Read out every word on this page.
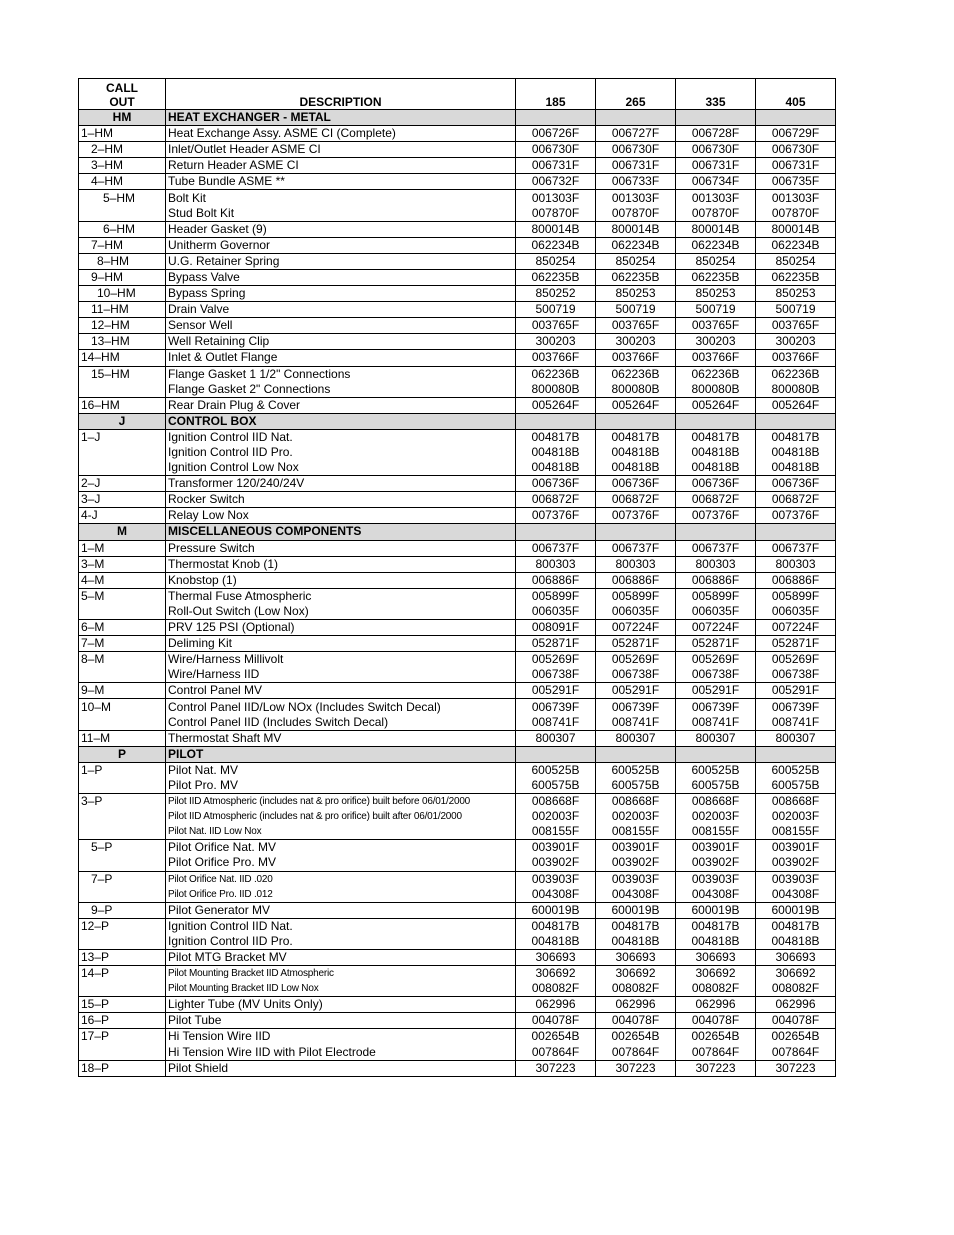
CALL
OUT	DESCRIPTION	185	265	335	405
HM	HEAT EXCHANGER - METAL				
1–HM	Heat Exchange Assy. ASME CI (Complete)	006726F	006727F	006728F	006729F
2–HM	Inlet/Outlet Header ASME CI	006730F	006730F	006730F	006730F
3–HM	Return Header ASME CI	006731F	006731F	006731F	006731F
4–HM	Tube Bundle ASME **	006732F	006733F	006734F	006735F
5–HM	Bolt Kit	001303F	001303F	001303F	001303F
	Stud Bolt Kit	007870F	007870F	007870F	007870F
6–HM	Header Gasket (9)	800014B	800014B	800014B	800014B
7–HM	Unitherm Governor	062234B	062234B	062234B	062234B
8–HM	U.G. Retainer Spring	850254	850254	850254	850254
9–HM	Bypass Valve	062235B	062235B	062235B	062235B
10–HM	Bypass Spring	850252	850253	850253	850253
11–HM	Drain Valve	500719	500719	500719	500719
12–HM	Sensor Well	003765F	003765F	003765F	003765F
13–HM	Well Retaining Clip	300203	300203	300203	300203
14–HM	Inlet & Outlet Flange	003766F	003766F	003766F	003766F
15–HM	Flange Gasket 1 1/2" Connections	062236B	062236B	062236B	062236B
	Flange Gasket 2" Connections	800080B	800080B	800080B	800080B
16–HM	Rear Drain Plug & Cover	005264F	005264F	005264F	005264F
J	CONTROL BOX				
1–J	Ignition Control IID Nat.	004817B	004817B	004817B	004817B
	Ignition Control IID Pro.	004818B	004818B	004818B	004818B
	Ignition Control Low Nox	004818B	004818B	004818B	004818B
2–J	Transformer 120/240/24V	006736F	006736F	006736F	006736F
3–J	Rocker Switch	006872F	006872F	006872F	006872F
4-J	Relay Low Nox	007376F	007376F	007376F	007376F
M	MISCELLANEOUS COMPONENTS				
1–M	Pressure Switch	006737F	006737F	006737F	006737F
3–M	Thermostat Knob (1)	800303	800303	800303	800303
4–M	Knobstop (1)	006886F	006886F	006886F	006886F
5–M	Thermal Fuse Atmospheric	005899F	005899F	005899F	005899F
	Roll-Out Switch (Low Nox)	006035F	006035F	006035F	006035F
6–M	PRV 125 PSI (Optional)	008091F	007224F	007224F	007224F
7–M	Deliming Kit	052871F	052871F	052871F	052871F
8–M	Wire/Harness Millivolt	005269F	005269F	005269F	005269F
	Wire/Harness IID	006738F	006738F	006738F	006738F
9–M	Control Panel MV	005291F	005291F	005291F	005291F
10–M	Control Panel IID/Low NOx (Includes Switch Decal)	006739F	006739F	006739F	006739F
	Control Panel IID (Includes Switch Decal)	008741F	008741F	008741F	008741F
11–M	Thermostat Shaft MV	800307	800307	800307	800307
P	PILOT				
1–P	Pilot Nat. MV	600525B	600525B	600525B	600525B
	Pilot Pro. MV	600575B	600575B	600575B	600575B
3–P	Pilot IID Atmospheric (includes nat & pro orifice) built before 06/01/2000	008668F	008668F	008668F	008668F
	Pilot IID Atmospheric (includes nat & pro orifice) built after 06/01/2000	002003F	002003F	002003F	002003F
	Pilot Nat. IID Low Nox	008155F	008155F	008155F	008155F
5–P	Pilot Orifice Nat. MV	003901F	003901F	003901F	003901F
	Pilot Orifice Pro. MV	003902F	003902F	003902F	003902F
7–P	Pilot Orifice Nat. IID .020	003903F	003903F	003903F	003903F
	Pilot Orifice Pro. IID .012	004308F	004308F	004308F	004308F
9–P	Pilot Generator MV	600019B	600019B	600019B	600019B
12–P	Ignition Control IID Nat.	004817B	004817B	004817B	004817B
	Ignition Control IID Pro.	004818B	004818B	004818B	004818B
13–P	Pilot MTG Bracket MV	306693	306693	306693	306693
14–P	Pilot Mounting Bracket IID Atmospheric	306692	306692	306692	306692
	Pilot Mounting Bracket IID Low Nox	008082F	008082F	008082F	008082F
15–P	Lighter Tube (MV Units Only)	062996	062996	062996	062996
16–P	Pilot Tube	004078F	004078F	004078F	004078F
17–P	Hi Tension Wire IID	002654B	002654B	002654B	002654B
	Hi Tension Wire IID with Pilot Electrode	007864F	007864F	007864F	007864F
18–P	Pilot Shield	307223	307223	307223	307223
